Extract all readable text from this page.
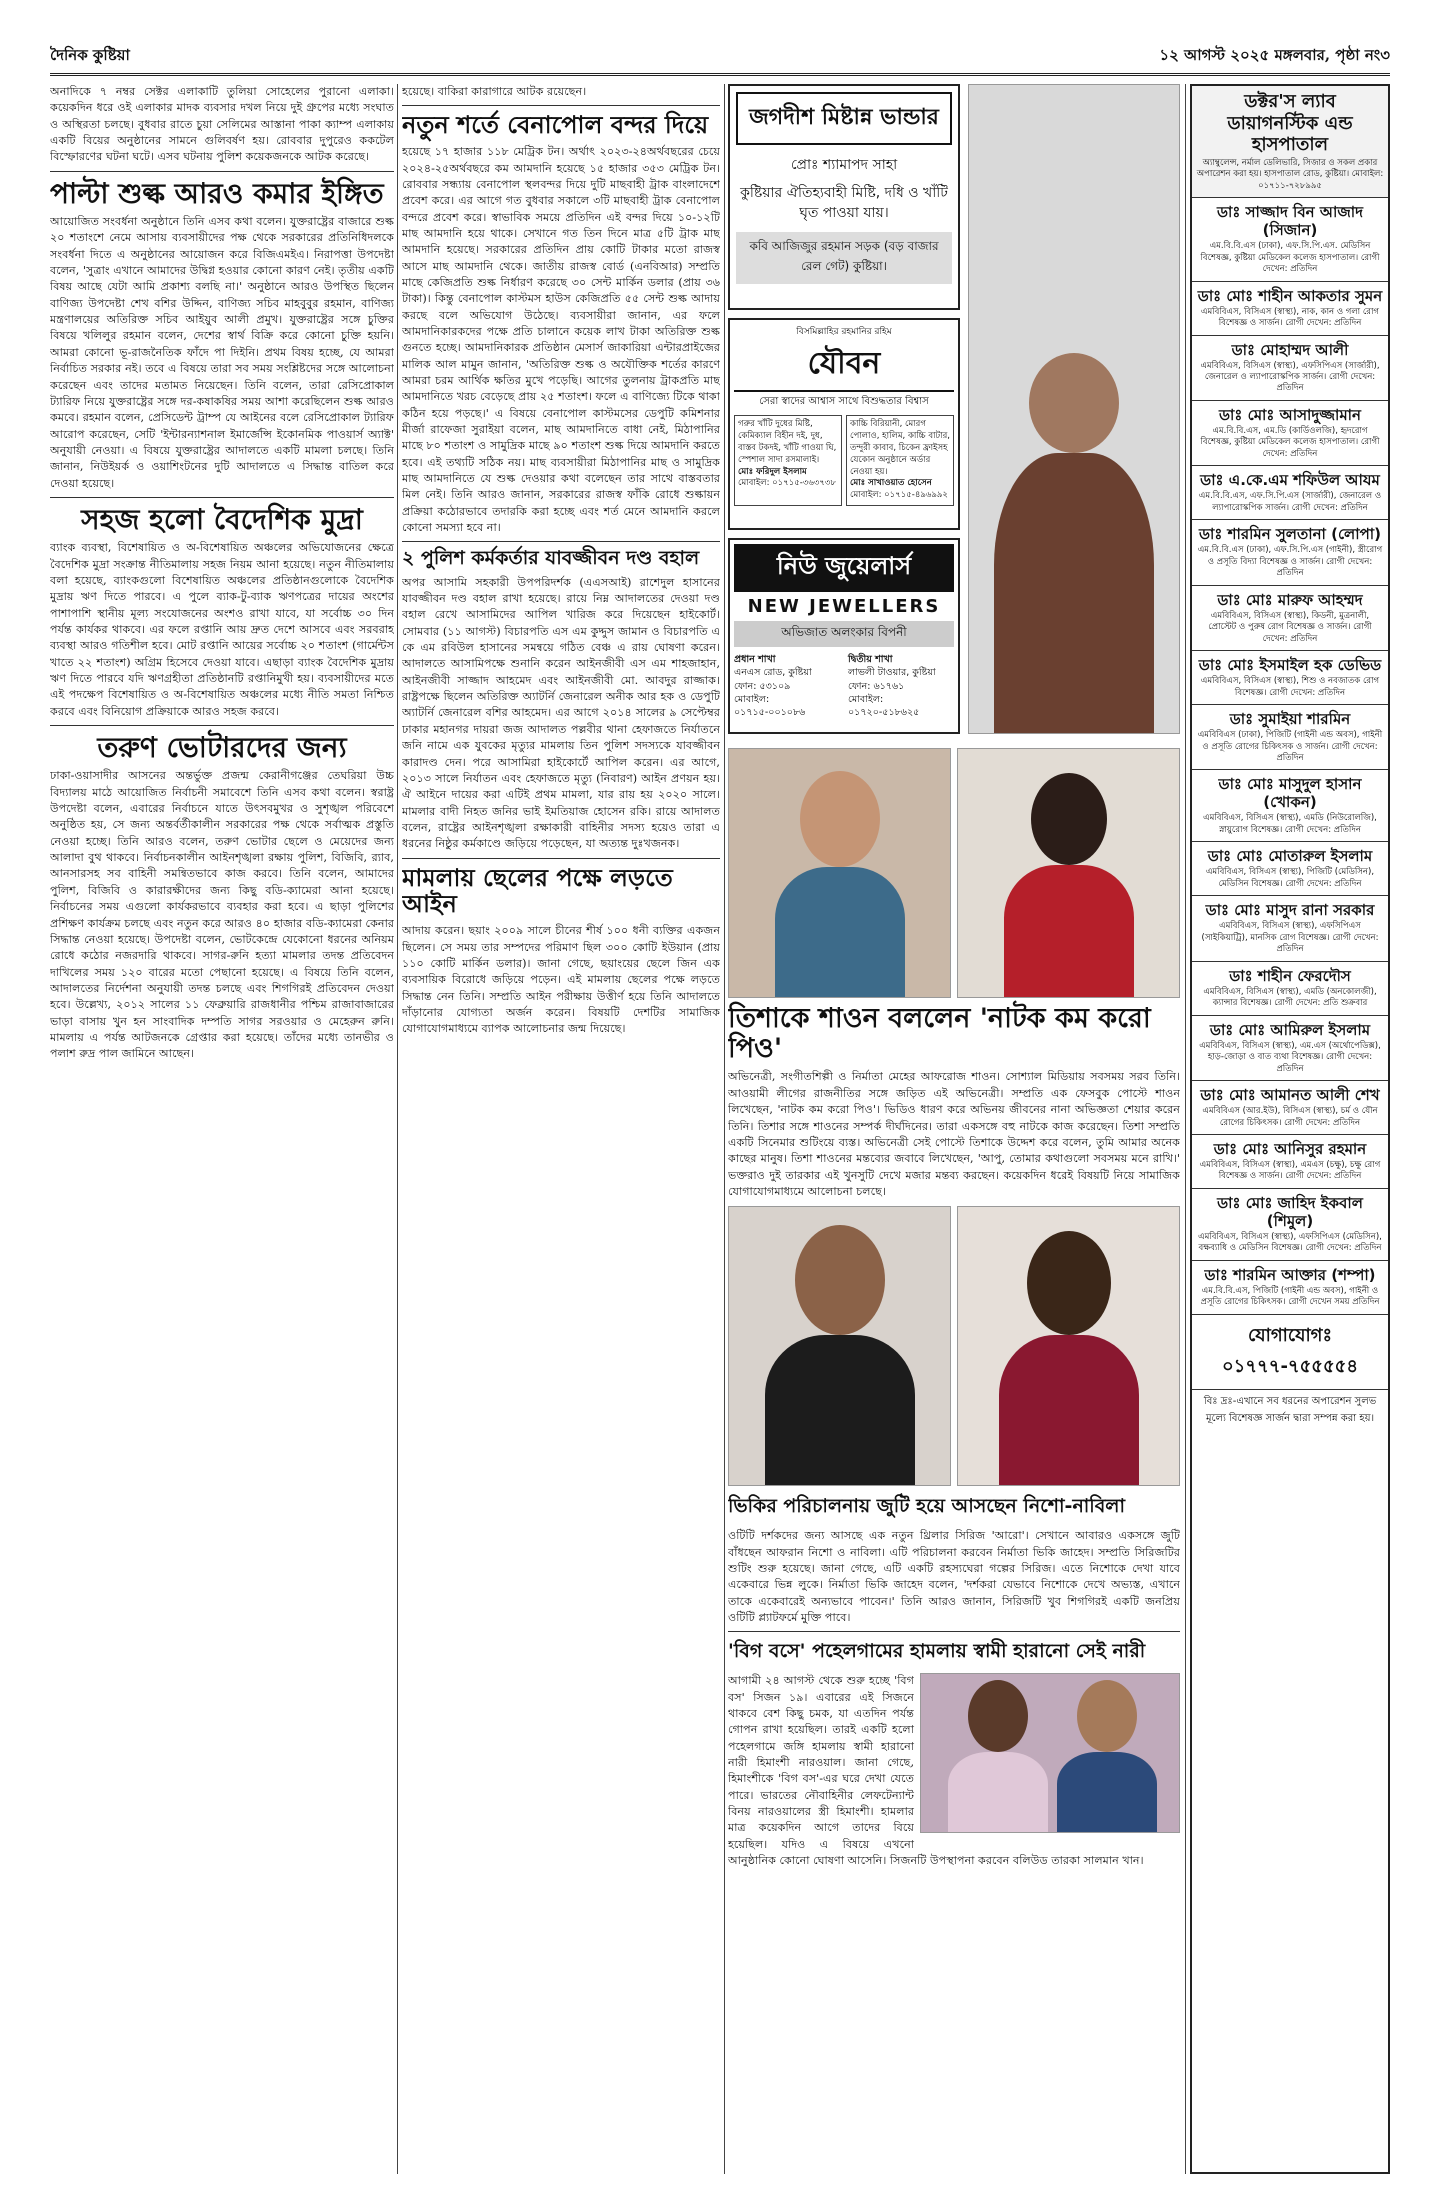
দৈনিক কুষ্টিয়া	১২ আগস্ট ২০২৫ মঙ্গলবার, পৃষ্ঠা নং৩

অনাদিকে ৭ নম্বর সেক্টর এলাকাটি তুলিয়া সোহেলের পুরানো এলাকা। কয়েকদিন ধরে ওই এলাকার মাদক ব্যবসার দখল নিয়ে দুই গ্রুপের মধ্যে সংঘাত ও অস্থিরতা চলছে। বুধবার রাতে চুয়া সেলিমের আস্তানা পাকা ক্যাম্প এলাকায় একটি বিয়ের অনুষ্ঠানের সামনে গুলিবর্ষণ হয়। রোববার দুপুরেও ককটেল বিস্ফোরণের ঘটনা ঘটে। এসব ঘটনায় পুলিশ কয়েকজনকে আটক করেছে।

পাল্টা শুল্ক আরও কমার ইঙ্গিত

আয়োজিত সংবর্ধনা অনুষ্ঠানে তিনি এসব কথা বলেন। যুক্তরাষ্ট্রের বাজারে শুল্ক ২০ শতাংশে নেমে আসায় ব্যবসায়ীদের পক্ষ থেকে সরকারের প্রতিনিধিদলকে সংবর্ধনা দিতে এ অনুষ্ঠানের আয়োজন করে বিজিএমইএ। নিরাপত্তা উপদেষ্টা বলেন, 'সুত্রাং এখানে আমাদের উদ্বিগ্ন হওয়ার কোনো কারণ নেই। তৃতীয় একটি বিষয় আছে যেটা আমি প্রকাশ্য বলছি না।' অনুষ্ঠানে আরও উপস্থিত ছিলেন বাণিজ্য উপদেষ্টা শেখ বশির উদ্দিন, বাণিজ্য সচিব মাহবুবুর রহমান, বাণিজ্য মন্ত্রণালয়ের অতিরিক্ত সচিব আইয়ুব আলী প্রমুখ। যুক্তরাষ্ট্রের সঙ্গে চুক্তির বিষয়ে খলিলুর রহমান বলেন, দেশের স্বার্থ বিক্রি করে কোনো চুক্তি হয়নি। আমরা কোনো ভূ-রাজনৈতিক ফাঁদে পা দিইনি। প্রথম বিষয় হচ্ছে, যে আমরা নির্বাচিত সরকার নই। তবে এ বিষয়ে তারা সব সময় সংশ্লিষ্টদের সঙ্গে আলোচনা করেছেন এবং তাদের মতামত নিয়েছেন। তিনি বলেন, তারা রেসিপ্রোকাল ট্যারিফ নিয়ে যুক্তরাষ্ট্রের সঙ্গে দর-কষাকষির সময় আশা করেছিলেন শুল্ক আরও কমবে। রহমান বলেন, প্রেসিডেন্ট ট্রাম্প যে আইনের বলে রেসিপ্রোকাল ট্যারিফ আরোপ করেছেন, সেটি 'ইন্টারন্যাশনাল ইমার্জেন্সি ইকোনমিক পাওয়ার্স অ্যাক্ট' অনুযায়ী নেওয়া। এ বিষয়ে যুক্তরাষ্ট্রের আদালতে একটি মামলা চলছে। তিনি জানান, নিউইয়র্ক ও ওয়াশিংটনের দুটি আদালতে এ সিদ্ধান্ত বাতিল করে দেওয়া হয়েছে।

সহজ হলো বৈদেশিক মুদ্রা

ব্যাংক ব্যবস্থা, বিশেষায়িত ও অ-বিশেষায়িত অঞ্চলের অভিযোজনের ক্ষেত্রে বৈদেশিক মুদ্রা সংক্রান্ত নীতিমালায় সহজ নিয়ম আনা হয়েছে। নতুন নীতিমালায় বলা হয়েছে, ব্যাংকগুলো বিশেষায়িত অঞ্চলের প্রতিষ্ঠানগুলোকে বৈদেশিক মুদ্রায় ঋণ দিতে পারবে। এ পুলে ব্যাক-টু-ব্যাক ঋণপত্রের দায়ের অংশের পাশাপাশি স্থানীয় মূল্য সংযোজনের অংশও রাখা যাবে, যা সর্বোচ্চ ৩০ দিন পর্যন্ত কার্যকর থাকবে। এর ফলে রপ্তানি আয় দ্রুত দেশে আসবে এবং সরবরাহ ব্যবস্থা আরও গতিশীল হবে। মোট রপ্তানি আয়ের সর্বোচ্চ ২০ শতাংশ (গার্মেন্টস খাতে ২২ শতাংশ) অগ্রিম হিসেবে দেওয়া যাবে। এছাড়া ব্যাংক বৈদেশিক মুদ্রায় ঋণ দিতে পারবে যদি ঋণগ্রহীতা প্রতিষ্ঠানটি রপ্তানিমুখী হয়। ব্যবসায়ীদের মতে এই পদক্ষেপ বিশেষায়িত ও অ-বিশেষায়িত অঞ্চলের মধ্যে নীতি সমতা নিশ্চিত করবে এবং বিনিয়োগ প্রক্রিয়াকে আরও সহজ করবে।

তরুণ ভোটারদের জন্য

ঢাকা-ওয়াসাদীর আসনের অন্তর্ভুক্ত প্রজন্ম কেরানীগঞ্জের তেঘরিয়া উচ্চ বিদ্যালয় মাঠে আয়োজিত নির্বাচনী সমাবেশে তিনি এসব কথা বলেন। স্বরাষ্ট্র উপদেষ্টা বলেন, এবারের নির্বাচনে যাতে উৎসবমুখর ও সুশৃঙ্খল পরিবেশে অনুষ্ঠিত হয়, সে জন্য অন্তর্বর্তীকালীন সরকারের পক্ষ থেকে সর্বাত্মক প্রস্তুতি নেওয়া হচ্ছে। তিনি আরও বলেন, তরুণ ভোটার ছেলে ও মেয়েদের জন্য আলাদা বুথ থাকবে। নির্বাচনকালীন আইনশৃঙ্খলা রক্ষায় পুলিশ, বিজিবি, র‍্যাব, আনসারসহ সব বাহিনী সমন্বিতভাবে কাজ করবে। তিনি বলেন, আমাদের পুলিশ, বিজিবি ও কারারক্ষীদের জন্য কিছু বডি-ক্যামেরা আনা হয়েছে। নির্বাচনের সময় এগুলো কার্যকরভাবে ব্যবহার করা হবে। এ ছাড়া পুলিশের প্রশিক্ষণ কার্যক্রম চলছে এবং নতুন করে আরও ৪০ হাজার বডি-ক্যামেরা কেনার সিদ্ধান্ত নেওয়া হয়েছে। উপদেষ্টা বলেন, ভোটকেন্দ্রে যেকোনো ধরনের অনিয়ম রোধে কঠোর নজরদারি থাকবে। সাগর-রুনি হত্যা মামলার তদন্ত প্রতিবেদন দাখিলের সময় ১২০ বারের মতো পেছানো হয়েছে। এ বিষয়ে তিনি বলেন, আদালতের নির্দেশনা অনুযায়ী তদন্ত চলছে এবং শিগগিরই প্রতিবেদন দেওয়া হবে। উল্লেখ্য, ২০১২ সালের ১১ ফেব্রুয়ারি রাজধানীর পশ্চিম রাজাবাজারের ভাড়া বাসায় খুন হন সাংবাদিক দম্পতি সাগর সরওয়ার ও মেহেরুন রুনি। মামলায় এ পর্যন্ত আটজনকে গ্রেপ্তার করা হয়েছে। তাঁদের মধ্যে তানভীর ও পলাশ রুদ্র পাল জামিনে আছেন।

হয়েছে। বাকিরা কারাগারে আটক রয়েছেন।

নতুন শর্তে বেনাপোল বন্দর দিয়ে

হয়েছে ১৭ হাজার ১১৮ মেট্রিক টন। অর্থাৎ ২০২৩-২৪অর্থবছরের চেয়ে ২০২৪-২৫অর্থবছরে কম আমদানি হয়েছে ১৫ হাজার ৩৫৩ মেট্রিক টন। রোববার সন্ধ্যায় বেনাপোল স্থলবন্দর দিয়ে দুটি মাছবাহী ট্রাক বাংলাদেশে প্রবেশ করে। এর আগে গত বুধবার সকালে ৩টি মাছবাহী ট্রাক বেনাপোল বন্দরে প্রবেশ করে। স্বাভাবিক সময়ে প্রতিদিন এই বন্দর দিয়ে ১০-১২টি মাছ আমদানি হয়ে থাকে। সেখানে গত তিন দিনে মাত্র ৫টি ট্রাক মাছ আমদানি হয়েছে। সরকারের প্রতিদিন প্রায় কোটি টাকার মতো রাজস্ব আসে মাছ আমদানি থেকে। জাতীয় রাজস্ব বোর্ড (এনবিআর) সম্প্রতি মাছে কেজিপ্রতি শুল্ক নির্ধারণ করেছে ৩০ সেন্ট মার্কিন ডলার (প্রায় ৩৬ টাকা)। কিন্তু বেনাপোল কাস্টমস হাউস কেজিপ্রতি ৫৫ সেন্ট শুল্ক আদায় করছে বলে অভিযোগ উঠেছে। ব্যবসায়ীরা জানান, এর ফলে আমদানিকারকদের পক্ষে প্রতি চালানে কয়েক লাখ টাকা অতিরিক্ত শুল্ক গুনতে হচ্ছে। আমদানিকারক প্রতিষ্ঠান মেসার্স জাকারিয়া এন্টারপ্রাইজের মালিক আল মামুন জানান, 'অতিরিক্ত শুল্ক ও অযৌক্তিক শর্তের কারণে আমরা চরম আর্থিক ক্ষতির মুখে পড়েছি। আগের তুলনায় ট্রাকপ্রতি মাছ আমদানিতে খরচ বেড়েছে প্রায় ২৫ শতাংশ। ফলে এ বাণিজ্যে টিকে থাকা কঠিন হয়ে পড়ছে।' এ বিষয়ে বেনাপোল কাস্টমসের ডেপুটি কমিশনার মীর্জা রাফেজা সুরাইয়া বলেন, মাছ আমদানিতে বাধা নেই, মিঠাপানির মাছে ৮০ শতাংশ ও সামুদ্রিক মাছে ৯০ শতাংশ শুল্ক দিয়ে আমদানি করতে হবে। এই তথ্যটি সঠিক নয়। মাছ ব্যবসায়ীরা মিঠাপানির মাছ ও সামুদ্রিক মাছ আমদানিতে যে শুল্ক দেওয়ার কথা বলেছেন তার সাথে বাস্তবতার মিল নেই। তিনি আরও জানান, সরকারের রাজস্ব ফাঁকি রোধে শুল্কায়ন প্রক্রিয়া কঠোরভাবে তদারকি করা হচ্ছে এবং শর্ত মেনে আমদানি করলে কোনো সমস্যা হবে না।

২ পুলিশ কর্মকর্তার যাবজ্জীবন দণ্ড বহাল

অপর আসামি সহকারী উপপরিদর্শক (এএসআই) রাশেদুল হাসানের যাবজ্জীবন দণ্ড বহাল রাখা হয়েছে। রায়ে নিম্ন আদালতের দেওয়া দণ্ড বহাল রেখে আসামিদের আপিল খারিজ করে দিয়েছেন হাইকোর্ট। সোমবার (১১ আগস্ট) বিচারপতি এস এম কুদ্দুস জামান ও বিচারপতি এ কে এম রবিউল হাসানের সমন্বয়ে গঠিত বেঞ্চ এ রায় ঘোষণা করেন। আদালতে আসামিপক্ষে শুনানি করেন আইনজীবী এস এম শাহজাহান, আইনজীবী সাজ্জাদ আহমেদ এবং আইনজীবী মো. আবদুর রাজ্জাক। রাষ্ট্রপক্ষে ছিলেন অতিরিক্ত অ্যাটর্নি জেনারেল অনীক আর হক ও ডেপুটি অ্যাটর্নি জেনারেল বশির আহমেদ। এর আগে ২০১৪ সালের ৯ সেপ্টেম্বর ঢাকার মহানগর দায়রা জজ আদালত পল্লবীর থানা হেফাজতে নির্যাতনে জনি নামে এক যুবকের মৃত্যুর মামলায় তিন পুলিশ সদস্যকে যাবজ্জীবন কারাদণ্ড দেন। পরে আসামিরা হাইকোর্টে আপিল করেন। এর আগে, ২০১৩ সালে নির্যাতন এবং হেফাজতে মৃত্যু (নিবারণ) আইন প্রণয়ন হয়। ঐ আইনে দায়ের করা এটিই প্রথম মামলা, যার রায় হয় ২০২০ সালে। মামলার বাদী নিহত জনির ভাই ইমতিয়াজ হোসেন রকি। রায়ে আদালত বলেন, রাষ্ট্রের আইনশৃঙ্খলা রক্ষাকারী বাহিনীর সদস্য হয়েও তারা এ ধরনের নিষ্ঠুর কর্মকাণ্ডে জড়িয়ে পড়েছেন, যা অত্যন্ত দুঃখজনক।

মামলায় ছেলের পক্ষে লড়তে আইন

আদায় করেন। ছয়াং ২০০৯ সালে চীনের শীর্ষ ১০০ ধনী ব্যক্তির একজন ছিলেন। সে সময় তার সম্পদের পরিমাণ ছিল ৩০০ কোটি ইউয়ান (প্রায় ১১০ কোটি মার্কিন ডলার)। জানা গেছে, ছয়াংয়ের ছেলে জিন এক ব্যবসায়িক বিরোধে জড়িয়ে পড়েন। এই মামলায় ছেলের পক্ষে লড়তে সিদ্ধান্ত নেন তিনি। সম্প্রতি আইন পরীক্ষায় উত্তীর্ণ হয়ে তিনি আদালতে দাঁড়ানোর যোগ্যতা অর্জন করেন। বিষয়টি দেশটির সামাজিক যোগাযোগমাধ্যমে ব্যাপক আলোচনার জন্ম দিয়েছে।

জগদীশ মিষ্টান্ন ভান্ডার
প্রোঃ শ্যামাপদ সাহা
কুষ্টিয়ার ঐতিহ্যবাহী মিষ্টি, দধি ও খাঁটি ঘৃত পাওয়া যায়।
কবি আজিজুর রহমান সড়ক (বড় বাজার রেল গেট) কুষ্টিয়া।
বিসমিল্লাহির রহমানির রহিম
যৌবন
সেরা স্বাদের আশ্বাস সাথে বিশুদ্ধতার বিশ্বাস
গরুর খাঁটি দুধের মিষ্টি, কেমিক্যাল বিহীন দই, দুধ, বাস্তব টকদই, খাঁটি গাওয়া ঘি, স্পেশাল সাদা রসমালাই।
মোঃ ফরিদুল ইসলাম
মোবাইল: ০১৭১৫-৩৬৩৭৩৮
কাচ্চি বিরিয়ানী, মোরগ পোলাও, হালিম, কাচ্চি বাটার, তন্দুরী কাবাব, চিকেন ফ্রাইসহ যেকোন অনুষ্ঠানে অর্ডার নেওয়া হয়।
মোঃ সাখাওয়াত হোসেন
মোবাইল: ০১৭১৫-৪৯৬৯৯২
নিউ জুয়েলার্স
NEW JEWELLERS
অভিজাত অলংকার বিপনী
প্রধান শাখা
এনএস রোড, কুষ্টিয়া
ফোন: ৫৩১০৯
মোবাইল: ০১৭১৫-০০১০৮৬
দ্বিতীয় শাখা
লাভলী টাওয়ার, কুষ্টিয়া
ফোন: ৬১৭৬১
মোবাইল: ০১৭২০-৫১৮৬২৫
তিশাকে শাওন বললেন 'নাটক কম করো পিও'

অভিনেত্রী, সংগীতশিল্পী ও নির্মাতা মেহের আফরোজ শাওন। সোশ্যাল মিডিয়ায় সবসময় সরব তিনি। আওয়ামী লীগের রাজনীতির সঙ্গে জড়িত এই অভিনেত্রী। সম্প্রতি এক ফেসবুক পোস্টে শাওন লিখেছেন, 'নাটক কম করো পিও'। ভিডিও ধারণ করে অভিনয় জীবনের নানা অভিজ্ঞতা শেয়ার করেন তিনি। তিশার সঙ্গে শাওনের সম্পর্ক দীর্ঘদিনের। তারা একসঙ্গে বহু নাটকে কাজ করেছেন। তিশা সম্প্রতি একটি সিনেমার শুটিংয়ে ব্যস্ত। অভিনেত্রী সেই পোস্টে তিশাকে উদ্দেশ করে বলেন, তুমি আমার অনেক কাছের মানুষ। তিশা শাওনের মন্তব্যের জবাবে লিখেছেন, 'আপু, তোমার কথাগুলো সবসময় মনে রাখি।' ভক্তরাও দুই তারকার এই খুনসুটি দেখে মজার মন্তব্য করছেন। কয়েকদিন ধরেই বিষয়টি নিয়ে সামাজিক যোগাযোগমাধ্যমে আলোচনা চলছে।

ভিকির পরিচালনায় জুটি হয়ে আসছেন নিশো-নাবিলা

ওটিটি দর্শকদের জন্য আসছে এক নতুন থ্রিলার সিরিজ 'আরো'। সেখানে আবারও একসঙ্গে জুটি বাঁধছেন আফরান নিশো ও নাবিলা। এটি পরিচালনা করবেন নির্মাতা ভিকি জাহেদ। সম্প্রতি সিরিজটির শুটিং শুরু হয়েছে। জানা গেছে, এটি একটি রহস্যঘেরা গল্পের সিরিজ। এতে নিশোকে দেখা যাবে একেবারে ভিন্ন লুকে। নির্মাতা ভিকি জাহেদ বলেন, 'দর্শকরা যেভাবে নিশোকে দেখে অভ্যস্ত, এখানে তাকে একেবারেই অন্যভাবে পাবেন।' তিনি আরও জানান, সিরিজটি খুব শিগগিরই একটি জনপ্রিয় ওটিটি প্ল্যাটফর্মে মুক্তি পাবে।

'বিগ বসে' পহেলগামের হামলায় স্বামী হারানো সেই নারী

আগামী ২৪ আগস্ট থেকে শুরু হচ্ছে 'বিগ বস' সিজন ১৯। এবারের এই সিজনে থাকবে বেশ কিছু চমক, যা এতদিন পর্যন্ত গোপন রাখা হয়েছিল। তারই একটি হলো পহেলগামে জঙ্গি হামলায় স্বামী হারানো নারী হিমাংশী নারওয়াল। জানা গেছে, হিমাংশীকে 'বিগ বস'-এর ঘরে দেখা যেতে পারে। ভারতের নৌবাহিনীর লেফটেন্যান্ট বিনয় নারওয়ালের স্ত্রী হিমাংশী। হামলার মাত্র কয়েকদিন আগে তাদের বিয়ে হয়েছিল। যদিও এ বিষয়ে এখনো আনুষ্ঠানিক কোনো ঘোষণা আসেনি। সিজনটি উপস্থাপনা করবেন বলিউড তারকা সালমান খান।

ডক্টর'স ল্যাব ডায়াগনস্টিক এন্ড হাসপাতাল
অ্যাম্বুলেন্স, নর্মাল ডেলিভারি, সিজার ও সকল প্রকার অপারেশন করা হয়। হাসপাতাল রোড, কুষ্টিয়া। মোবাইল: ০১৭১১-৭২৮৯৯৫
ডাঃ সাজ্জাদ বিন আজাদ (সিজান)
এম.বি.বি.এস (ঢাকা), এফ.সি.পি.এস. মেডিসিন বিশেষজ্ঞ, কুষ্টিয়া মেডিকেল কলেজ হাসপাতাল। রোগী দেখেন: প্রতিদিন
ডাঃ মোঃ শাহীন আকতার সুমন
এমবিবিএস, বিসিএস (স্বাস্থ্য), নাক, কান ও গলা রোগ বিশেষজ্ঞ ও সার্জন। রোগী দেখেন: প্রতিদিন
ডাঃ মোহাম্মদ আলী
এমবিবিএস, বিসিএস (স্বাস্থ্য), এফসিপিএস (সার্জারী), জেনারেল ও ল্যাপারোস্কপিক সার্জন। রোগী দেখেন: প্রতিদিন
ডাঃ মোঃ আসাদুজ্জামান
এম.বি.বি.এস, এম.ডি (কার্ডিওলজি), হৃদরোগ বিশেষজ্ঞ, কুষ্টিয়া মেডিকেল কলেজ হাসপাতাল। রোগী দেখেন: প্রতিদিন
ডাঃ এ.কে.এম শফিউল আযম
এম.বি.বি.এস, এফ.সি.পি.এস (সার্জারী), জেনারেল ও ল্যাপারোস্কপিক সার্জন। রোগী দেখেন: প্রতিদিন
ডাঃ শারমিন সুলতানা (লোপা)
এম.বি.বি.এস (ঢাকা), এফ.সি.পি.এস (গাইনী), স্ত্রীরোগ ও প্রসূতি বিদ্যা বিশেষজ্ঞ ও সার্জন। রোগী দেখেন: প্রতিদিন
ডাঃ মোঃ মারুফ আহম্মদ
এমবিবিএস, বিসিএস (স্বাস্থ্য), কিডনী, মুত্রনালী, প্রোস্টেট ও পুরুষ রোগ বিশেষজ্ঞ ও সার্জন। রোগী দেখেন: প্রতিদিন
ডাঃ মোঃ ইসমাইল হক ডেভিড
এমবিবিএস, বিসিএস (স্বাস্থ্য), শিশু ও নবজাতক রোগ বিশেষজ্ঞ। রোগী দেখেন: প্রতিদিন
ডাঃ সুমাইয়া শারমিন
এমবিবিএস (ঢাকা), পিজিটি (গাইনী এন্ড অবস), গাইনী ও প্রসূতি রোগের চিকিৎসক ও সার্জন। রোগী দেখেন: প্রতিদিন
ডাঃ মোঃ মাসুদুল হাসান (খোকন)
এমবিবিএস, বিসিএস (স্বাস্থ্য), এমডি (নিউরোলজি), স্নায়ুরোগ বিশেষজ্ঞ। রোগী দেখেন: প্রতিদিন
ডাঃ মোঃ মোতারুল ইসলাম
এমবিবিএস, বিসিএস (স্বাস্থ্য), পিজিটি (মেডিসিন), মেডিসিন বিশেষজ্ঞ। রোগী দেখেন: প্রতিদিন
ডাঃ মোঃ মাসুদ রানা সরকার
এমবিবিএস, বিসিএস (স্বাস্থ্য), এফসিপিএস (সাইকিয়াট্রি), মানসিক রোগ বিশেষজ্ঞ। রোগী দেখেন: প্রতিদিন
ডাঃ শাহীন ফেরদৌস
এমবিবিএস, বিসিএস (স্বাস্থ্য), এমডি (অনকোলজী), ক্যান্সার বিশেষজ্ঞ। রোগী দেখেন: প্রতি শুক্রবার
ডাঃ মোঃ আমিরুল ইসলাম
এমবিবিএস, বিসিএস (স্বাস্থ্য), এম.এস (অর্থোপেডিক্স), হাড়-জোড়া ও বাত ব্যথা বিশেষজ্ঞ। রোগী দেখেন: প্রতিদিন
ডাঃ মোঃ আমানত আলী শেখ
এমবিবিএস (আর.ইউ), বিসিএস (স্বাস্থ্য), চর্ম ও যৌন রোগের চিকিৎসক। রোগী দেখেন: প্রতিদিন
ডাঃ মোঃ আনিসুর রহমান
এমবিবিএস, বিসিএস (স্বাস্থ্য), এমএস (চক্ষু), চক্ষু রোগ বিশেষজ্ঞ ও সার্জন। রোগী দেখেন: প্রতিদিন
ডাঃ মোঃ জাহিদ ইকবাল (শিমুল)
এমবিবিএস, বিসিএস (স্বাস্থ্য), এফসিপিএস (মেডিসিন), বক্ষব্যাধি ও মেডিসিন বিশেষজ্ঞ। রোগী দেখেন: প্রতিদিন
ডাঃ শারমিন আক্তার (শম্পা)
এম.বি.বি.এস, পিজিটি (গাইনী এন্ড অবস), গাইনী ও প্রসূতি রোগের চিকিৎসক। রোগী দেখেন সময় প্রতিদিন
যোগাযোগঃ ০১৭৭৭-৭৫৫৫৫৪
বিঃ দ্রঃ-এখানে সব ধরনের অপারেশন সুলভ মূল্যে বিশেষজ্ঞ সার্জন দ্বারা সম্পন্ন করা হয়।
